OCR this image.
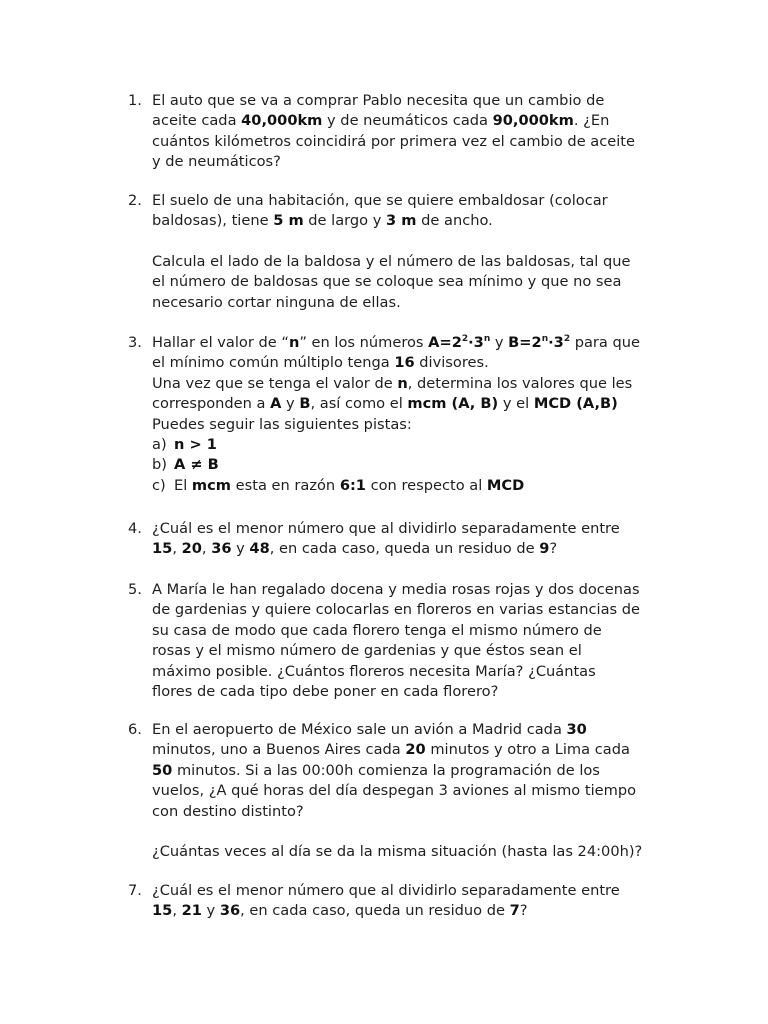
1. El auto que se va a comprar Pablo necesita que un cambio de

aceite cada 40,000km y de neumáticos cada 90,000km. ¿En

cuántos kilómetros coincidirá por primera vez el cambio de aceite

y de neumáticos?

2. El suelo de una habitación, que se quiere embaldosar (colocar

baldosas), tiene 5 m de largo y 3 m de ancho.

Calcula el lado de la baldosa y el número de las baldosas, tal que

el número de baldosas que se coloque sea mínimo y que no sea

necesario cortar ninguna de ellas.

3. Hallar el valor de “n” en los números $A=2^2\cdot 3^n$ y $B=2^n\cdot 3^2$ para que

el mínimo común múltiplo tenga 16 divisores.

Una vez que se tenga el valor de n, determina los valores que les

corresponden a A y B, así como el mcm (A, B) y el MCD (A,B)

Puedes seguir las siguientes pistas:

a) n > 1

b) A ≠ B

c) El mcm esta en razón 6:1 con respecto al MCD

4. ¿Cuál es el menor número que al dividirlo separadamente entre

15, 20, 36 y 48, en cada caso, queda un residuo de 9?

5. A María le han regalado docena y media rosas rojas y dos docenas

de gardenias y quiere colocarlas en floreros en varias estancias de

su casa de modo que cada florero tenga el mismo número de

rosas y el mismo número de gardenias y que éstos sean el

máximo posible. ¿Cuántos floreros necesita María? ¿Cuántas

flores de cada tipo debe poner en cada florero?

6. En el aeropuerto de México sale un avión a Madrid cada 30

minutos, uno a Buenos Aires cada 20 minutos y otro a Lima cada

50 minutos. Si a las 00:00h comienza la programación de los

vuelos, ¿A qué horas del día despegan 3 aviones al mismo tiempo

con destino distinto?

¿Cuántas veces al día se da la misma situación (hasta las 24:00h)?

7. ¿Cuál es el menor número que al dividirlo separadamente entre

15, 21 y 36, en cada caso, queda un residuo de 7?
